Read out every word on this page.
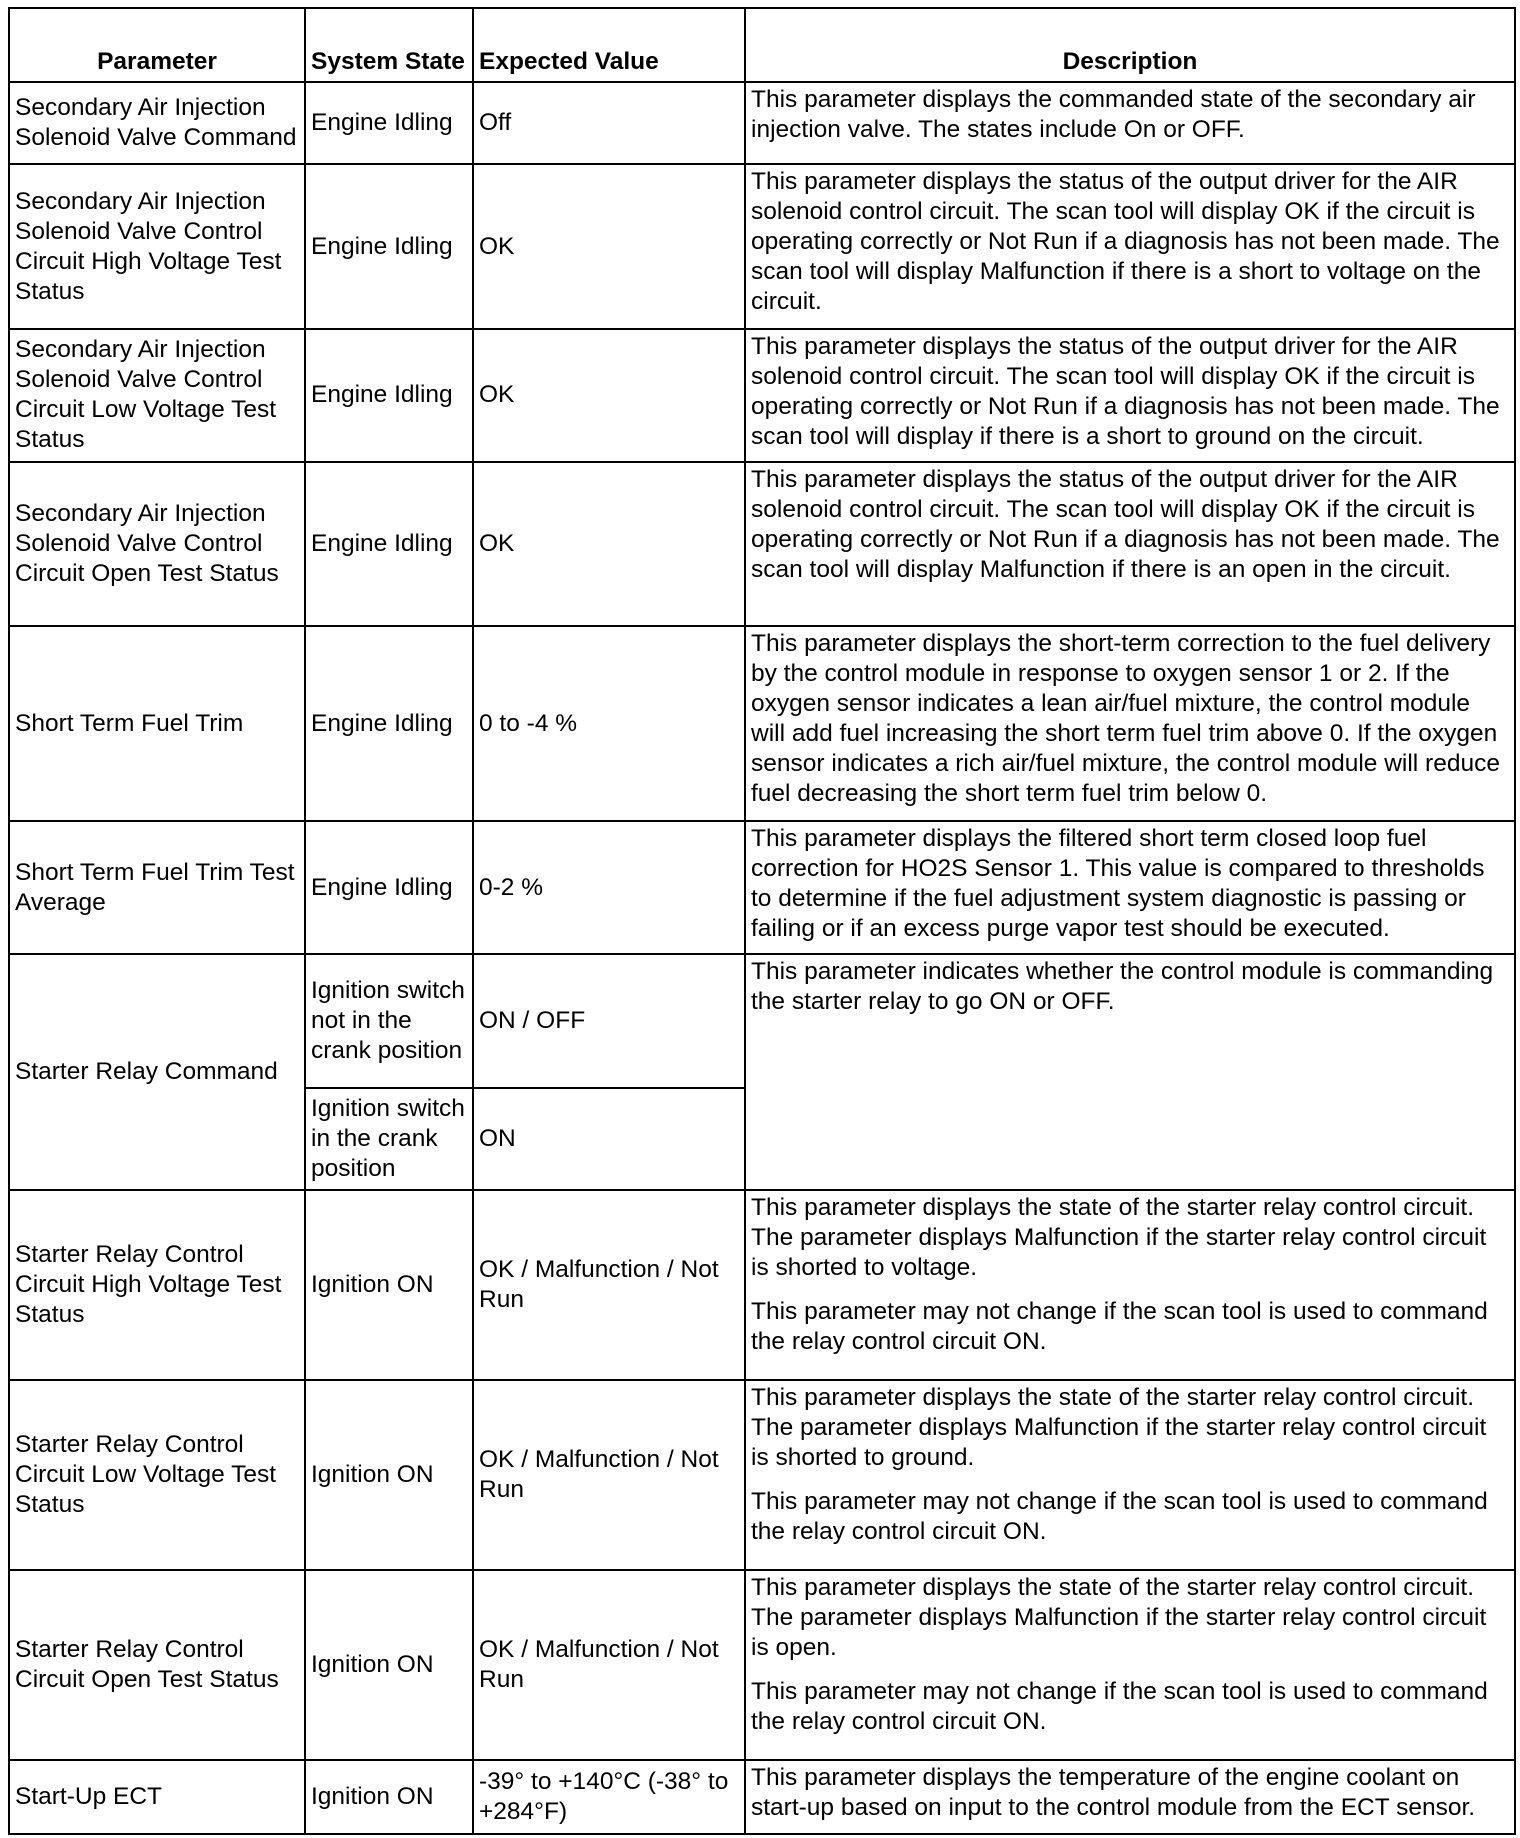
Parameter	System State	Expected Value	Description
Secondary Air Injection Solenoid Valve Command	Engine Idling	Off	This parameter displays the commanded state of the secondary air injection valve. The states include On or OFF.

Secondary Air Injection Solenoid Valve Control Circuit High Voltage Test Status	Engine Idling	OK	This parameter displays the status of the output driver for the AIR solenoid control circuit. The scan tool will display OK if the circuit is operating correctly or Not Run if a diagnosis has not been made. The scan tool will display Malfunction if there is a short to voltage on the circuit.

Secondary Air Injection Solenoid Valve Control Circuit Low Voltage Test Status	Engine Idling	OK	This parameter displays the status of the output driver for the AIR solenoid control circuit. The scan tool will display OK if the circuit is operating correctly or Not Run if a diagnosis has not been made. The scan tool will display if there is a short to ground on the circuit.

Secondary Air Injection Solenoid Valve Control Circuit Open Test Status	Engine Idling	OK	This parameter displays the status of the output driver for the AIR solenoid control circuit. The scan tool will display OK if the circuit is operating correctly or Not Run if a diagnosis has not been made. The scan tool will display Malfunction if there is an open in the circuit.

Short Term Fuel Trim	Engine Idling	0 to -4 %	This parameter displays the short-term correction to the fuel delivery by the control module in response to oxygen sensor 1 or 2. If the oxygen sensor indicates a lean air/fuel mixture, the control module will add fuel increasing the short term fuel trim above 0. If the oxygen sensor indicates a rich air/fuel mixture, the control module will reduce fuel decreasing the short term fuel trim below 0.

Short Term Fuel Trim Test Average	Engine Idling	0-2 %	This parameter displays the filtered short term closed loop fuel correction for HO2S Sensor 1. This value is compared to thresholds to determine if the fuel adjustment system diagnostic is passing or failing or if an excess purge vapor test should be executed.

Starter Relay Command	Ignition switch not in the crank position	ON / OFF	This parameter indicates whether the control module is commanding the starter relay to go ON or OFF.

	Ignition switch in the crank position	ON	
Starter Relay Control Circuit High Voltage Test Status	Ignition ON	OK / Malfunction / Not Run	This parameter displays the state of the starter relay control circuit. The parameter displays Malfunction if the starter relay control circuit is shorted to voltage.

This parameter may not change if the scan tool is used to command the relay control circuit ON.

Starter Relay Control Circuit Low Voltage Test Status	Ignition ON	OK / Malfunction / Not Run	This parameter displays the state of the starter relay control circuit. The parameter displays Malfunction if the starter relay control circuit is shorted to ground.

This parameter may not change if the scan tool is used to command the relay control circuit ON.

Starter Relay Control Circuit Open Test Status	Ignition ON	OK / Malfunction / Not Run	This parameter displays the state of the starter relay control circuit. The parameter displays Malfunction if the starter relay control circuit is open.

This parameter may not change if the scan tool is used to command the relay control circuit ON.

Start-Up ECT	Ignition ON	-39° to +140°C (-38° to +284°F)	This parameter displays the temperature of the engine coolant on start-up based on input to the control module from the ECT sensor.
